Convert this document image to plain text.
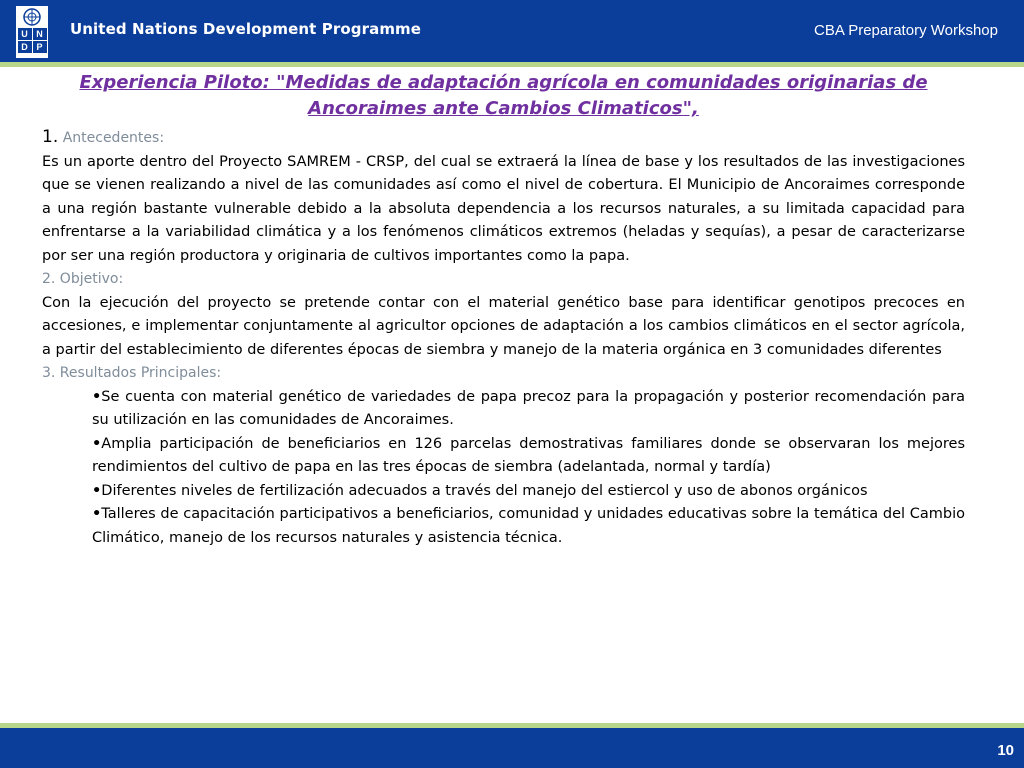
U N
D P
United Nations Development Programme	CBA Preparatory Workshop
Experiencia Piloto: "Medidas de adaptación agrícola en comunidades originarias de Ancoraimes ante Cambios Climaticos",
1. Antecedentes:

Es un aporte dentro del Proyecto SAMREM - CRSP, del cual se extraerá la línea de base y los resultados de las investigaciones que se vienen realizando a nivel de las comunidades así como el nivel de cobertura. El Municipio de Ancoraimes corresponde a una región bastante vulnerable debido a la absoluta dependencia a los recursos naturales, a su limitada capacidad para enfrentarse a la variabilidad climática y a los fenómenos climáticos extremos (heladas y sequías), a pesar de caracterizarse por ser una región productora y originaria de cultivos importantes como la papa.

2. Objetivo:

Con la ejecución del proyecto se pretende contar con el material genético base para identificar genotipos precoces en accesiones, e implementar conjuntamente al agricultor opciones de adaptación a los cambios climáticos en el sector agrícola, a partir del establecimiento de diferentes épocas de siembra y manejo de la materia orgánica en 3 comunidades diferentes

3. Resultados Principales:
•Se cuenta con material genético de variedades de papa precoz para la propagación y posterior recomendación para su utilización en las comunidades de Ancoraimes.
•Amplia participación de beneficiarios en 126 parcelas demostrativas familiares donde se observaran los mejores rendimientos del cultivo de papa en las tres épocas de siembra (adelantada, normal y tardía)
•Diferentes niveles de fertilización adecuados a través del manejo del estiercol y uso de abonos orgánicos
•Talleres de capacitación participativos a beneficiarios, comunidad y unidades educativas sobre la temática del Cambio Climático, manejo de los recursos naturales y asistencia técnica.
10
